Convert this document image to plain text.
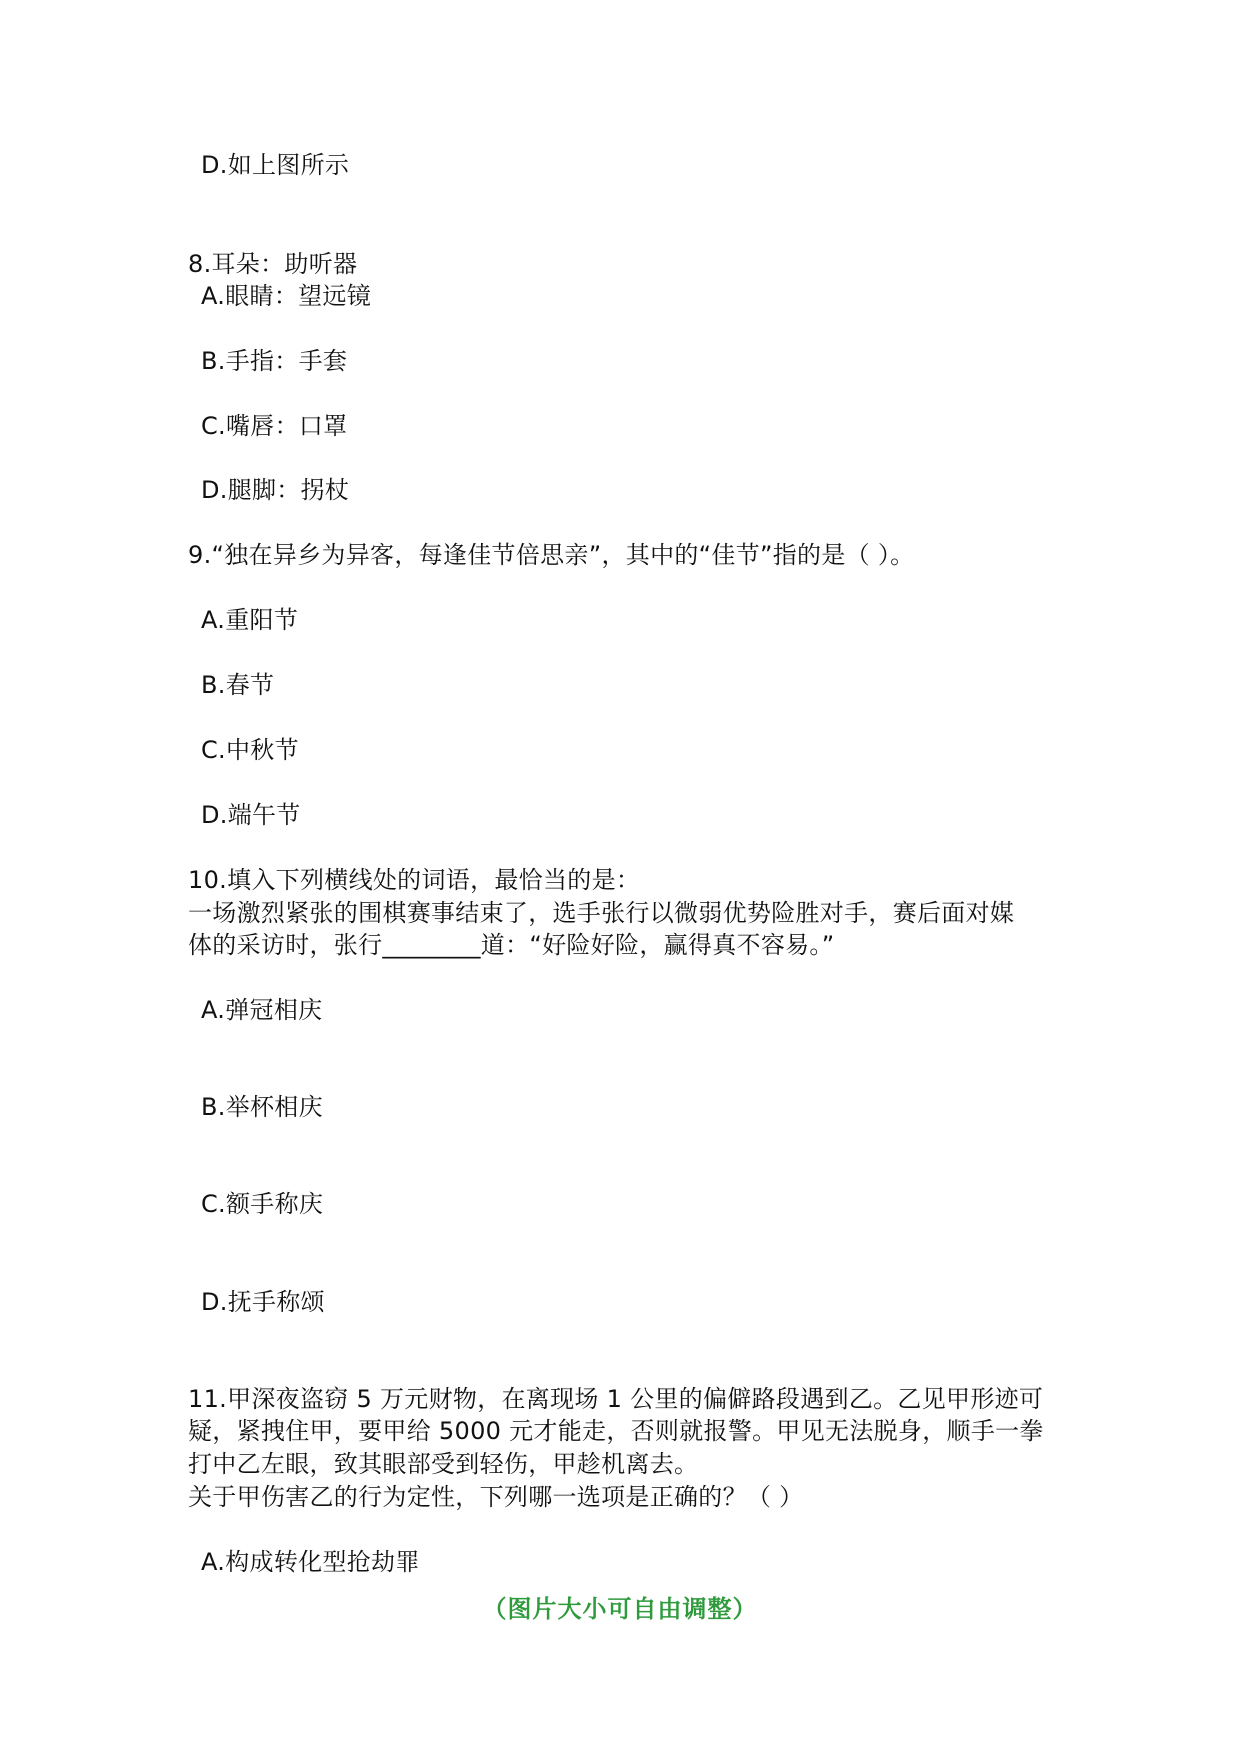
D.如上图所示
8.耳朵：助听器
A.眼睛：望远镜
B.手指：手套
C.嘴唇：口罩
D.腿脚：拐杖
9.“独在异乡为异客，每逢佳节倍思亲”，其中的“佳节”指的是（ ）。
A.重阳节
B.春节
C.中秋节
D.端午节
10.填入下列横线处的词语，最恰当的是：
一场激烈紧张的围棋赛事结束了，选手张行以微弱优势险胜对手，赛后面对媒
体的采访时，张行________道：“好险好险，赢得真不容易。”
A.弹冠相庆
B.举杯相庆
C.额手称庆
D.抚手称颂
11.甲深夜盗窃 5 万元财物，在离现场 1 公里的偏僻路段遇到乙。乙见甲形迹可
疑，紧拽住甲，要甲给 5000 元才能走，否则就报警。甲见无法脱身，顺手一拳
打中乙左眼，致其眼部受到轻伤，甲趁机离去。
关于甲伤害乙的行为定性，下列哪一选项是正确的？（ ）
A.构成转化型抢劫罪
（图片大小可自由调整）
